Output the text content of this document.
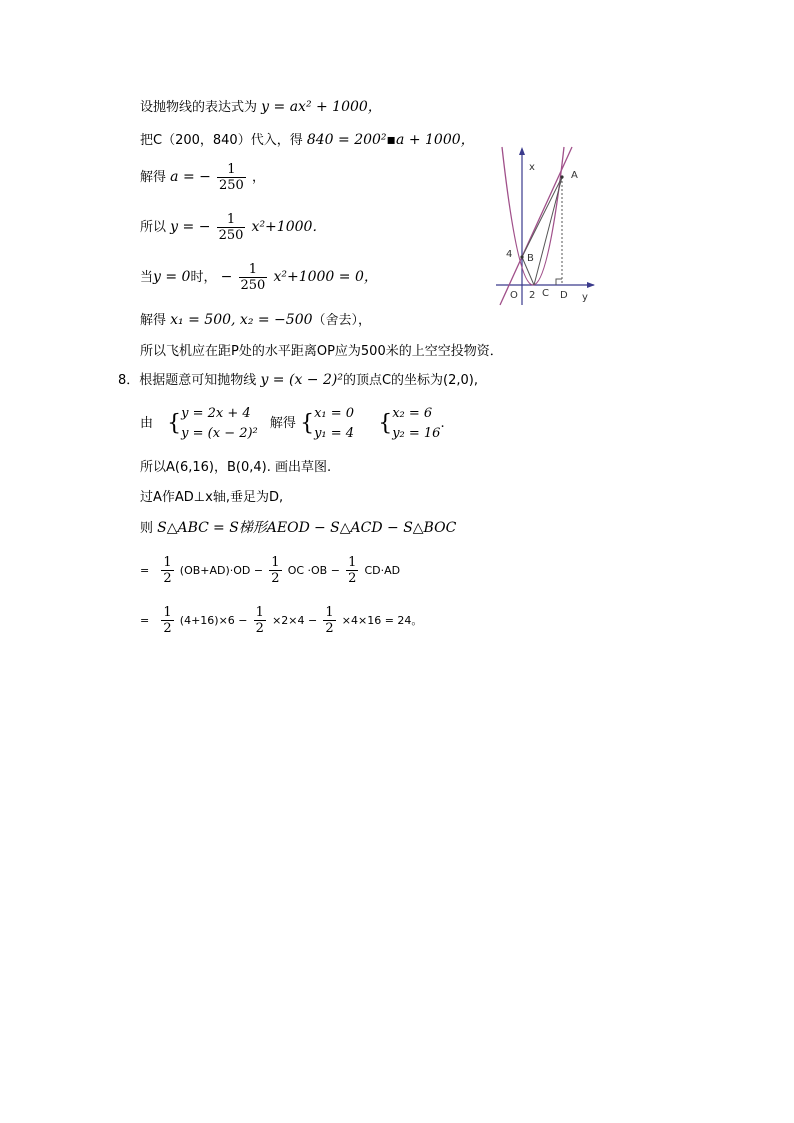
设抛物线的表达式为 y = ax² + 1000，
把C（200，840）代入，得 840 = 200²▪a + 1000，
解得 a = − $\frac{1}{250}$ ，
所以 y = − $\frac{1}{250} x^2+1000$．
当y = 0时， − $\frac{1}{250} x^2+1000 = 0$，
解得 x₁ = 500, x₂ = −500（舍去），
所以飞机应在距P处的水平距离OP应为500米的上空空投物资．
8．根据题意可知抛物线 y = (x − 2)²的顶点C的坐标为(2,0),
由 { y = 2x + 4
y = (x − 2)²
解得 { x₁ = 0
y₁ = 4 { x₂ = 6
y₂ = 16
.
所以A(6,16)，B(0,4). 画出草图.
过A作AD⊥x轴,垂足为D,
则 S△ABC = S梯形AEOD − S△ACD − S△BOC
= $\frac{1}{2} (OB+AD)\cdot OD - \frac{1}{2}$ OC $\cdot OB - \frac{1}{2} CD\cdot AD$
= $\frac{1}{2} (4+16)\times 6 - \frac{1}{2} \times 2\times 4 - \frac{1}{2} \times 4\times 16 = 24$。
x
y
A
B
4
O 2 C D
